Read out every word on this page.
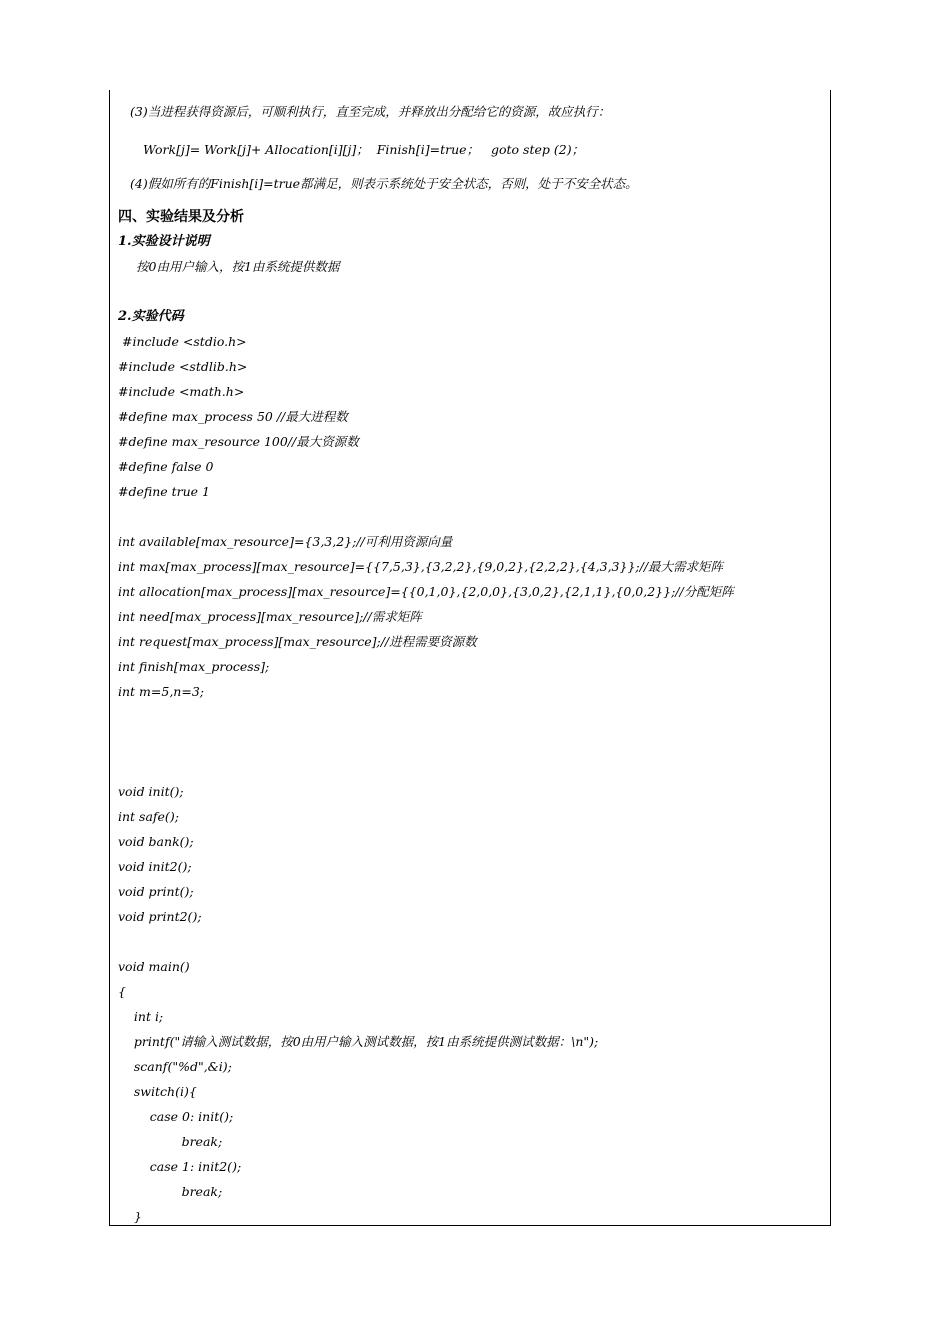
(3)当进程获得资源后，可顺利执行，直至完成，并释放出分配给它的资源，故应执行：
Work[j]= Work[j]+ Allocation[i][j]；  Finish[i]=true；   goto step (2)；
(4)假如所有的Finish[i]=true都满足，则表示系统处于安全状态，否则，处于不安全状态。
四、实验结果及分析
1.实验设计说明
按0由用户输入，按1由系统提供数据
2.实验代码
#include <stdio.h>
#include <stdlib.h>
#include <math.h>
#define max_process 50 //最大进程数
#define max_resource 100//最大资源数
#define false 0
#define true 1
int available[max_resource]={3,3,2};//可利用资源向量
int max[max_process][max_resource]={{7,5,3},{3,2,2},{9,0,2},{2,2,2},{4,3,3}};//最大需求矩阵
int allocation[max_process][max_resource]={{0,1,0},{2,0,0},{3,0,2},{2,1,1},{0,0,2}};//分配矩阵
int need[max_process][max_resource];//需求矩阵
int request[max_process][max_resource];//进程需要资源数
int finish[max_process];
int m=5,n=3;
void init();
int safe();
void bank();
void init2();
void print();
void print2();
void main()
{
int i;
printf("请输入测试数据，按0由用户输入测试数据，按1由系统提供测试数据：\n");
scanf("%d",&i);
switch(i){
case 0: init();
break;
case 1: init2();
break;
}
